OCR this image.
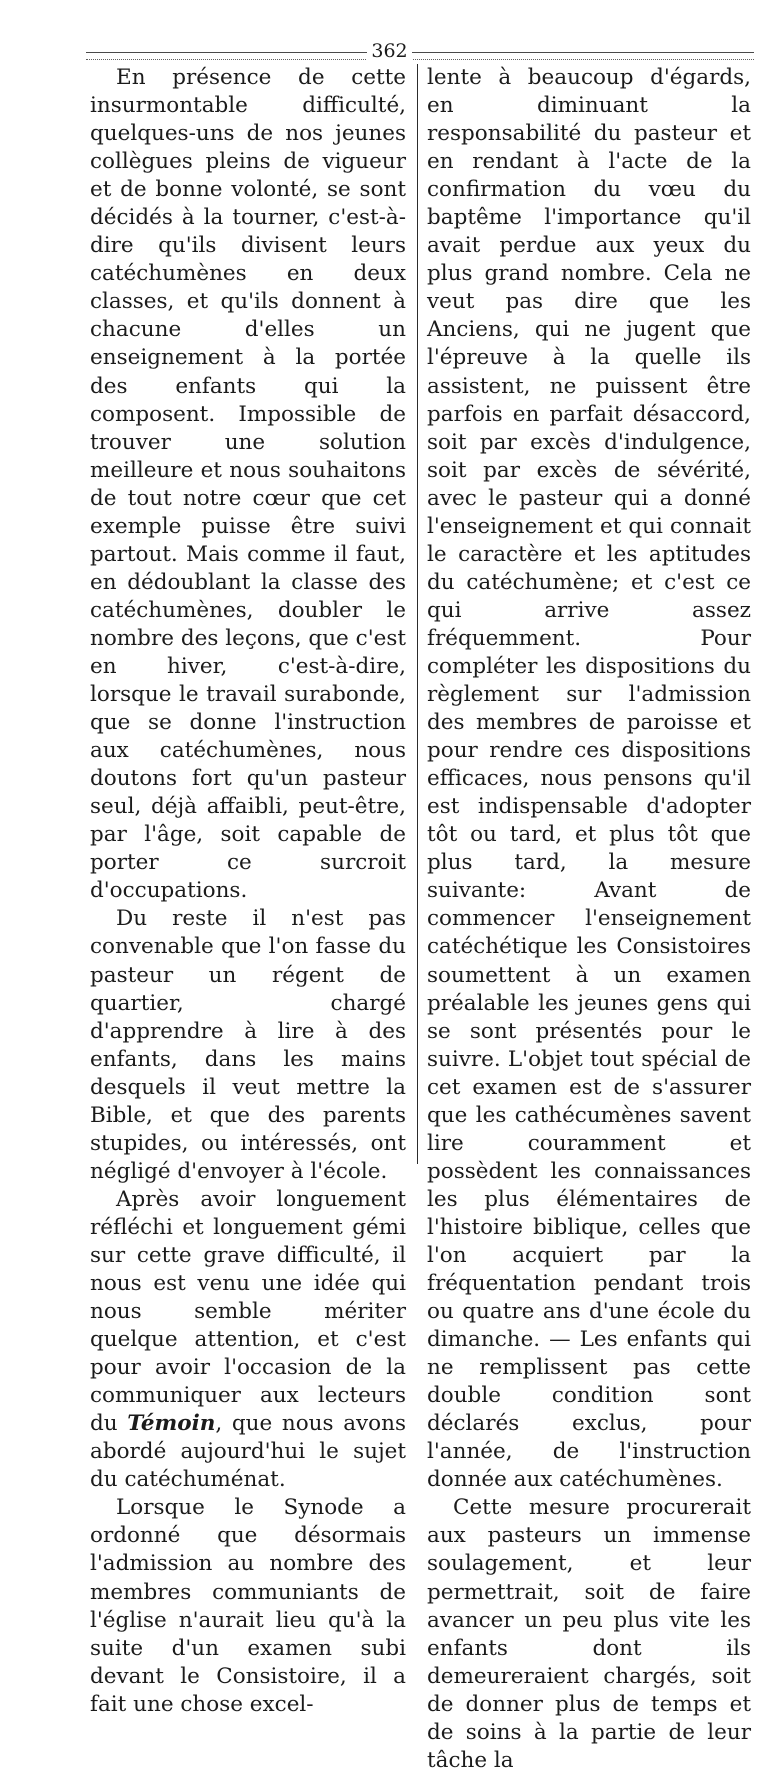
362

En présence de cette insurmontable difficulté, quelques-uns de nos jeunes collègues pleins de vigueur et de bonne volonté, se sont décidés à la tourner, c'est-à-dire qu'ils divisent leurs catéchumènes en deux classes, et qu'ils donnent à chacune d'elles un enseignement à la portée des enfants qui la composent. Impossible de trouver une solution meilleure et nous souhaitons de tout notre cœur que cet exemple puisse être suivi partout. Mais comme il faut, en dédoublant la classe des catéchumènes, doubler le nombre des leçons, que c'est en hiver, c'est-à-dire, lorsque le travail surabonde, que se donne l'instruction aux catéchumènes, nous doutons fort qu'un pasteur seul, déjà affaibli, peut-être, par l'âge, soit capable de porter ce surcroit d'occupations.

Du reste il n'est pas convenable que l'on fasse du pasteur un régent de quartier, chargé d'apprendre à lire à des enfants, dans les mains desquels il veut mettre la Bible, et que des parents stupides, ou intéressés, ont négligé d'envoyer à l'école.

Après avoir longuement réfléchi et longuement gémi sur cette grave difficulté, il nous est venu une idée qui nous semble mériter quelque attention, et c'est pour avoir l'occasion de la communiquer aux lecteurs du Témoin, que nous avons abordé aujourd'hui le sujet du catéchuménat.

Lorsque le Synode a ordonné que désormais l'admission au nombre des membres communiants de l'église n'aurait lieu qu'à la suite d'un examen subi devant le Consistoire, il a fait une chose excel-

lente à beaucoup d'égards, en diminuant la responsabilité du pasteur et en rendant à l'acte de la confirmation du vœu du baptême l'importance qu'il avait perdue aux yeux du plus grand nombre. Cela ne veut pas dire que les Anciens, qui ne jugent que l'épreuve à la quelle ils assistent, ne puissent être parfois en parfait désaccord, soit par excès d'indulgence, soit par excès de sévérité, avec le pasteur qui a donné l'enseignement et qui connait le caractère et les aptitudes du catéchumène; et c'est ce qui arrive assez fréquemment. Pour compléter les dispositions du règlement sur l'admission des membres de paroisse et pour rendre ces dispositions efficaces, nous pensons qu'il est indispensable d'adopter tôt ou tard, et plus tôt que plus tard, la mesure suivante: Avant de commencer l'enseignement catéchétique les Consistoires soumettent à un examen préalable les jeunes gens qui se sont présentés pour le suivre. L'objet tout spécial de cet examen est de s'assurer que les cathécumènes savent lire couramment et possèdent les connaissances les plus élémentaires de l'histoire biblique, celles que l'on acquiert par la fréquentation pendant trois ou quatre ans d'une école du dimanche. — Les enfants qui ne remplissent pas cette double condition sont déclarés exclus, pour l'année, de l'instruction donnée aux catéchumènes.

Cette mesure procurerait aux pasteurs un immense soulagement, et leur permettrait, soit de faire avancer un peu plus vite les enfants dont ils demeureraient chargés, soit de donner plus de temps et de soins à la partie de leur tâche la
